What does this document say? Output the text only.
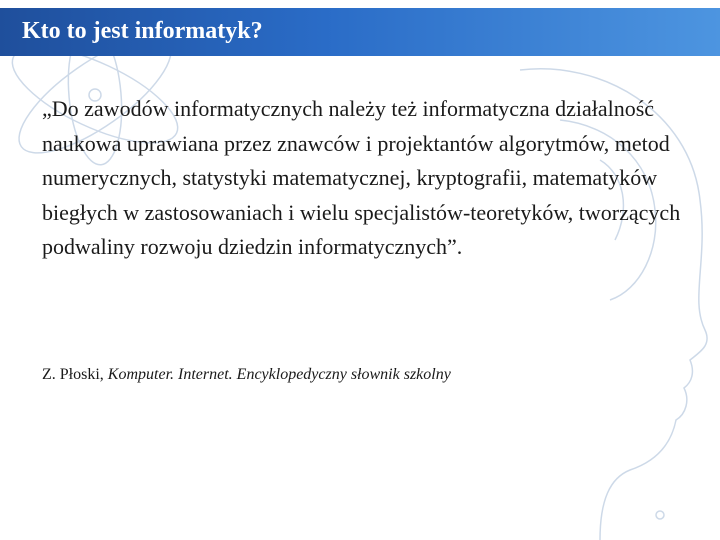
Kto to jest informatyk?
„Do zawodów informatycznych należy też informatyczna działalność naukowa uprawiana przez znawców i projektantów algorytmów, metod numerycznych, statystyki matematycznej, kryptografii, matematyków biegłych w zastosowaniach i wielu specjalistów-teoretyków, tworzących podwaliny rozwoju dziedzin informatycznych”.
Z. Płoski, Komputer. Internet. Encyklopedyczny słownik szkolny
